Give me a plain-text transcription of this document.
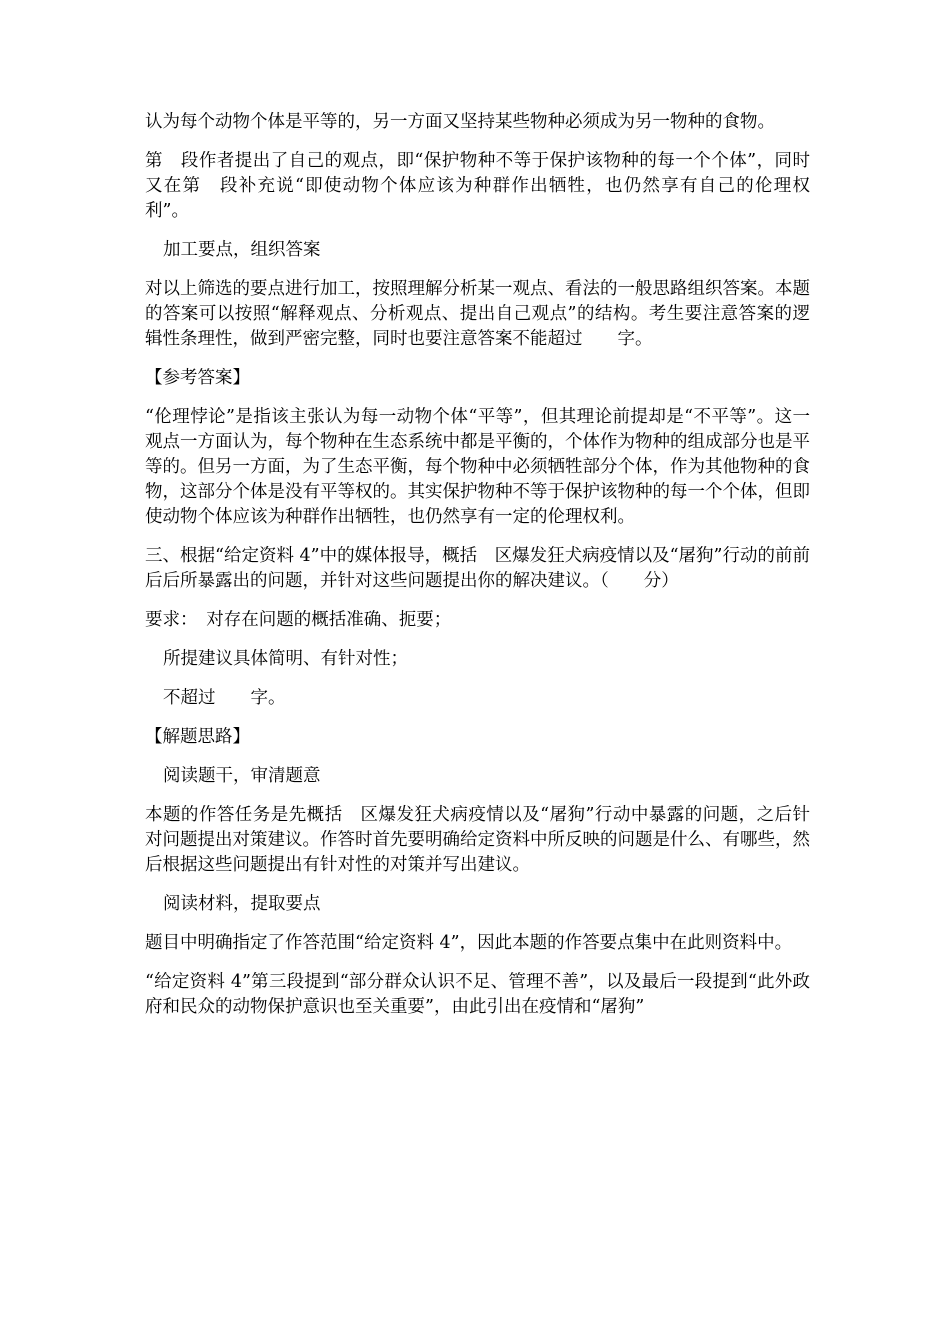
认为每个动物个体是平等的，另一方面又坚持某些物种必须成为另一物种的食物。

第　段作者提出了自己的观点，即“保护物种不等于保护该物种的每一个个体”，同时又在第　段补充说“即使动物个体应该为种群作出牺牲，也仍然享有自己的伦理权利”。

加工要点，组织答案

对以上筛选的要点进行加工，按照理解分析某一观点、看法的一般思路组织答案。本题的答案可以按照“解释观点、分析观点、提出自己观点”的结构。考生要注意答案的逻辑性条理性，做到严密完整，同时也要注意答案不能超过　　字。

【参考答案】

“伦理悖论”是指该主张认为每一动物个体“平等”，但其理论前提却是“不平等”。这一观点一方面认为，每个物种在生态系统中都是平衡的，个体作为物种的组成部分也是平等的。但另一方面，为了生态平衡，每个物种中必须牺牲部分个体，作为其他物种的食物，这部分个体是没有平等权的。其实保护物种不等于保护该物种的每一个个体，但即使动物个体应该为种群作出牺牲，也仍然享有一定的伦理权利。

三、根据“给定资料 4”中的媒体报导，概括　区爆发狂犬病疫情以及“屠狗”行动的前前后后所暴露出的问题，并针对这些问题提出你的解决建议。（　　分）

要求：　对存在问题的概括准确、扼要；

所提建议具体简明、有针对性；

不超过　　字。

【解题思路】

阅读题干，审清题意

本题的作答任务是先概括　区爆发狂犬病疫情以及“屠狗”行动中暴露的问题，之后针对问题提出对策建议。作答时首先要明确给定资料中所反映的问题是什么、有哪些，然后根据这些问题提出有针对性的对策并写出建议。

阅读材料，提取要点

题目中明确指定了作答范围“给定资料 4”，因此本题的作答要点集中在此则资料中。

“给定资料 4”第三段提到“部分群众认识不足、管理不善”，以及最后一段提到“此外政府和民众的动物保护意识也至关重要”，由此引出在疫情和“屠狗”
